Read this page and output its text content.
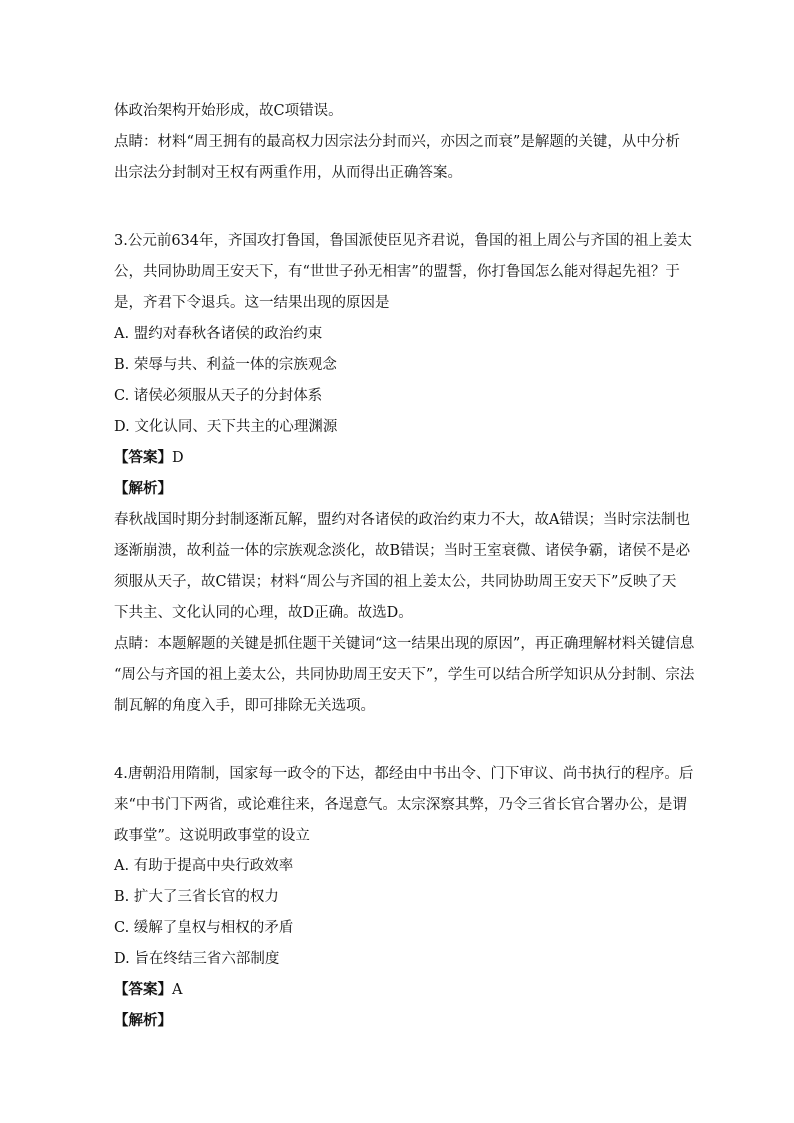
体政治架构开始形成，故C项错误。
点睛：材料“周王拥有的最高权力因宗法分封而兴，亦因之而衰”是解题的关键，从中分析
出宗法分封制对王权有两重作用，从而得出正确答案。
3.公元前634年，齐国攻打鲁国，鲁国派使臣见齐君说，鲁国的祖上周公与齐国的祖上姜太
公，共同协助周王安天下，有“世世子孙无相害”的盟誓，你打鲁国怎么能对得起先祖？于
是，齐君下令退兵。这一结果出现的原因是
A. 盟约对春秋各诸侯的政治约束
B. 荣辱与共、利益一体的宗族观念
C. 诸侯必须服从天子的分封体系
D. 文化认同、天下共主的心理渊源
【答案】D
【解析】
春秋战国时期分封制逐渐瓦解，盟约对各诸侯的政治约束力不大，故A错误；当时宗法制也
逐渐崩溃，故利益一体的宗族观念淡化，故B错误；当时王室衰微、诸侯争霸，诸侯不是必
须服从天子，故C错误；材料“周公与齐国的祖上姜太公，共同协助周王安天下”反映了天
下共主、文化认同的心理，故D正确。故选D。
点睛：本题解题的关键是抓住题干关键词“这一结果出现的原因”，再正确理解材料关键信息
“周公与齐国的祖上姜太公，共同协助周王安天下”，学生可以结合所学知识从分封制、宗法
制瓦解的角度入手，即可排除无关选项。
4.唐朝沿用隋制，国家每一政令的下达，都经由中书出令、门下审议、尚书执行的程序。后
来“中书门下两省，或论难往来，各逞意气。太宗深察其弊，乃令三省长官合署办公，是谓
政事堂”。这说明政事堂的设立
A. 有助于提高中央行政效率
B. 扩大了三省长官的权力
C. 缓解了皇权与相权的矛盾
D. 旨在终结三省六部制度
【答案】A
【解析】
